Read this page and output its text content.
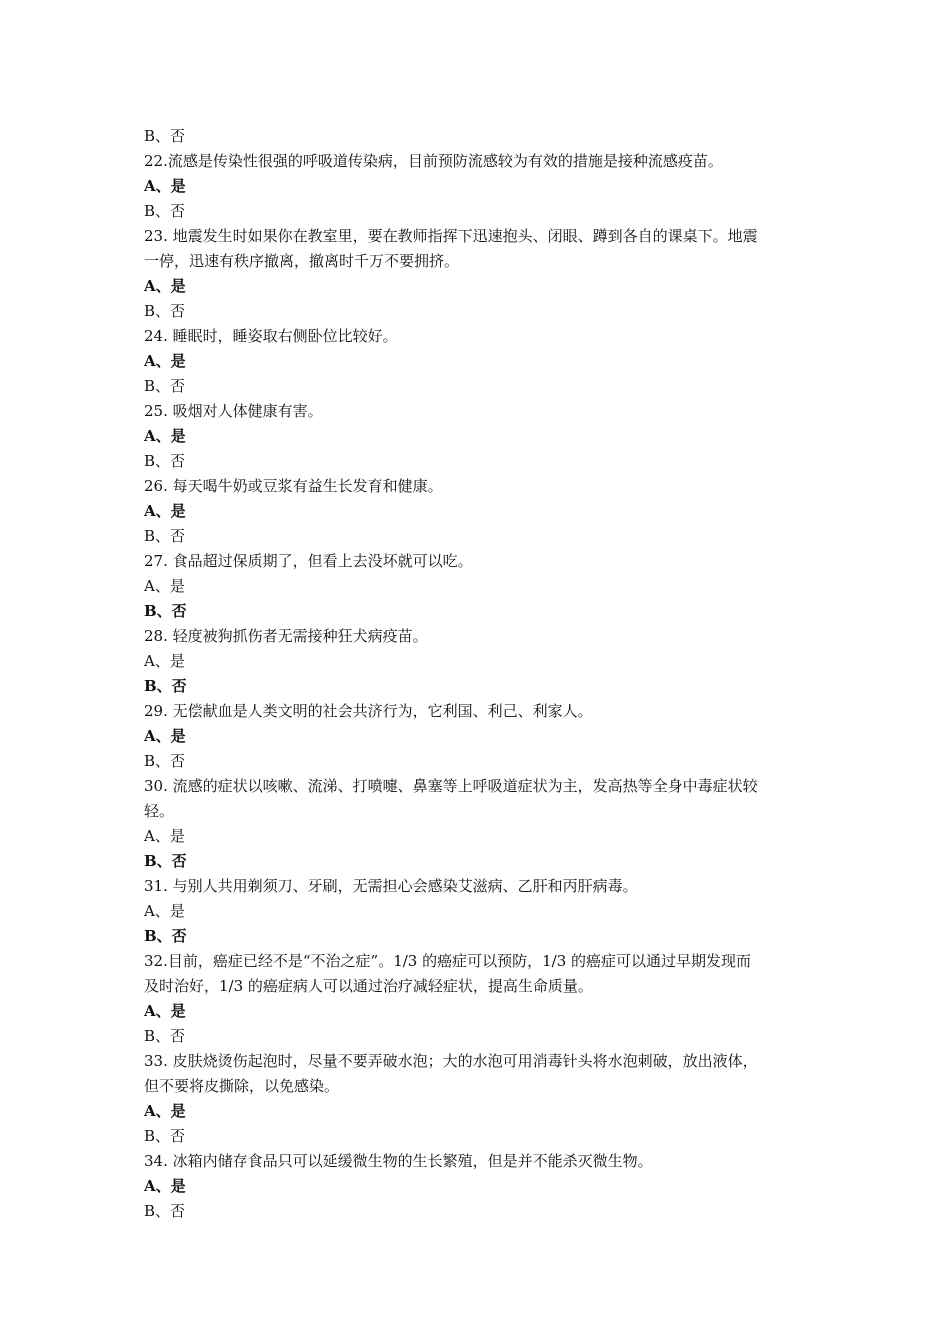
B、否
22.流感是传染性很强的呼吸道传染病，目前预防流感较为有效的措施是接种流感疫苗。
A、是
B、否
23. 地震发生时如果你在教室里，要在教师指挥下迅速抱头、闭眼、蹲到各自的课桌下。地震
一停，迅速有秩序撤离，撤离时千万不要拥挤。
A、是
B、否
24. 睡眠时，睡姿取右侧卧位比较好。
A、是
B、否
25. 吸烟对人体健康有害。
A、是
B、否
26. 每天喝牛奶或豆浆有益生长发育和健康。
A、是
B、否
27. 食品超过保质期了，但看上去没坏就可以吃。
A、是
B、否
28. 轻度被狗抓伤者无需接种狂犬病疫苗。
A、是
B、否
29. 无偿献血是人类文明的社会共济行为，它利国、利己、利家人。
A、是
B、否
30. 流感的症状以咳嗽、流涕、打喷嚏、鼻塞等上呼吸道症状为主，发高热等全身中毒症状较
轻。
A、是
B、否
31. 与别人共用剃须刀、牙刷，无需担心会感染艾滋病、乙肝和丙肝病毒。
A、是
B、否
32.目前，癌症已经不是“不治之症”。1/3 的癌症可以预防，1/3 的癌症可以通过早期发现而
及时治好，1/3 的癌症病人可以通过治疗减轻症状，提高生命质量。
A、是
B、否
33. 皮肤烧烫伤起泡时，尽量不要弄破水泡；大的水泡可用消毒针头将水泡刺破，放出液体，
但不要将皮撕除，以免感染。
A、是
B、否
34. 冰箱内储存食品只可以延缓微生物的生长繁殖，但是并不能杀灭微生物。
A、是
B、否
